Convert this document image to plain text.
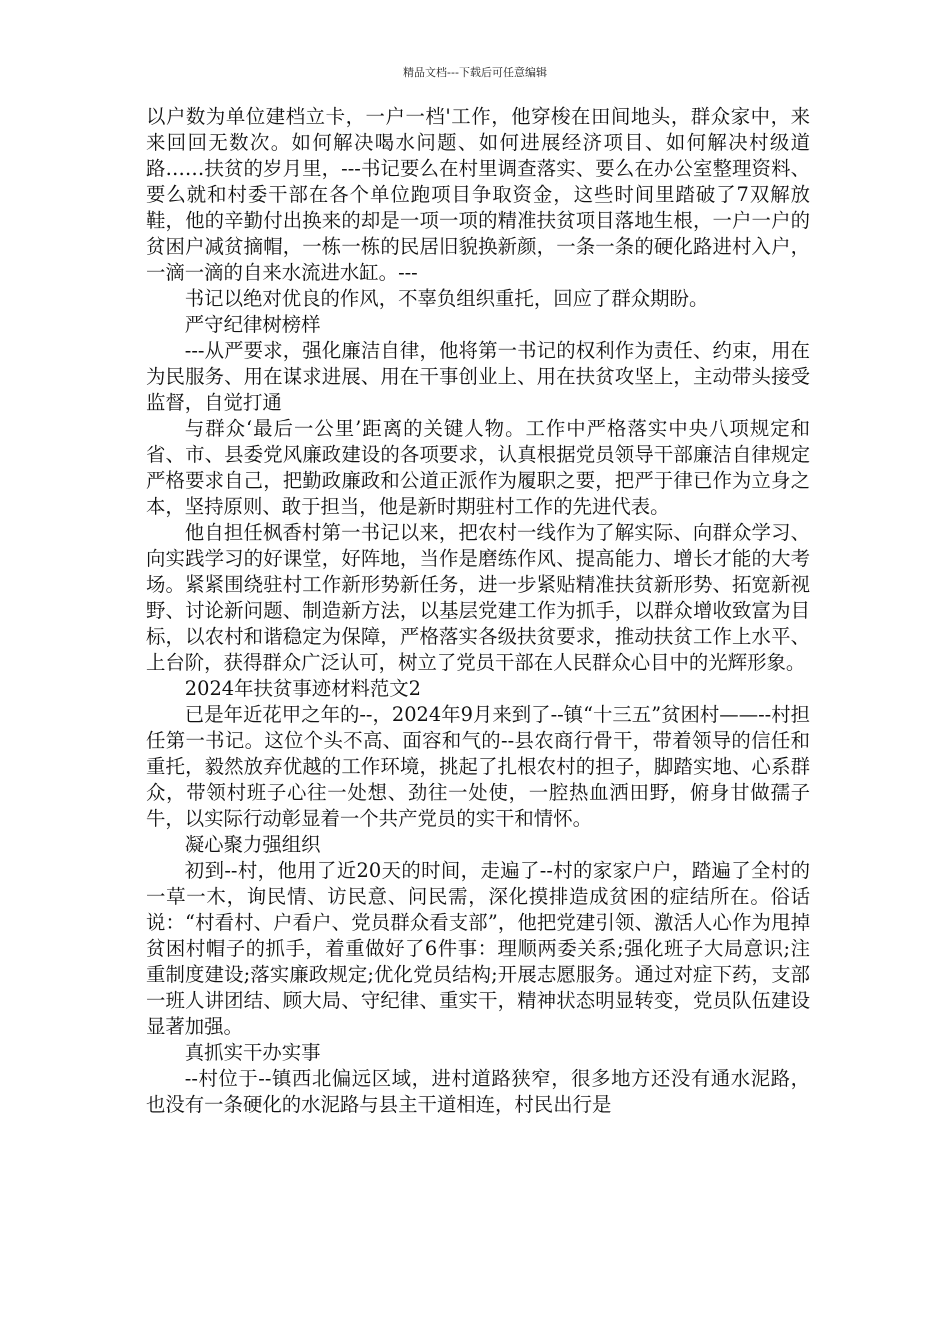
精品文档---下载后可任意编辑

以户数为单位建档立卡，一户一档'工作，他穿梭在田间地头，群众家中，来来回回无数次。如何解决喝水问题、如何进展经济项目、如何解决村级道路……扶贫的岁月里，---书记要么在村里调查落实、要么在办公室整理资料、要么就和村委干部在各个单位跑项目争取资金，这些时间里踏破了7双解放鞋，他的辛勤付出换来的却是一项一项的精准扶贫项目落地生根，一户一户的贫困户减贫摘帽，一栋一栋的民居旧貌换新颜，一条一条的硬化路进村入户，一滴一滴的自来水流进水缸。---

书记以绝对优良的作风，不辜负组织重托，回应了群众期盼。

严守纪律树榜样

---从严要求，强化廉洁自律，他将第一书记的权利作为责任、约束，用在为民服务、用在谋求进展、用在干事创业上、用在扶贫攻坚上，主动带头接受监督，自觉打通

与群众‘最后一公里’距离的关键人物。工作中严格落实中央八项规定和省、市、县委党风廉政建设的各项要求，认真根据党员领导干部廉洁自律规定严格要求自己，把勤政廉政和公道正派作为履职之要，把严于律已作为立身之本，坚持原则、敢于担当，他是新时期驻村工作的先进代表。

他自担任枫香村第一书记以来，把农村一线作为了解实际、向群众学习、向实践学习的好课堂，好阵地，当作是磨练作风、提高能力、增长才能的大考场。紧紧围绕驻村工作新形势新任务，进一步紧贴精准扶贫新形势、拓宽新视野、讨论新问题、制造新方法，以基层党建工作为抓手，以群众增收致富为目标，以农村和谐稳定为保障，严格落实各级扶贫要求，推动扶贫工作上水平、上台阶，获得群众广泛认可，树立了党员干部在人民群众心目中的光辉形象。

2024年扶贫事迹材料范文2

已是年近花甲之年的--，2024年9月来到了--镇“十三五”贫困村——--村担任第一书记。这位个头不高、面容和气的--县农商行骨干，带着领导的信任和重托，毅然放弃优越的工作环境，挑起了扎根农村的担子，脚踏实地、心系群众，带领村班子心往一处想、劲往一处使，一腔热血洒田野，俯身甘做孺子牛，以实际行动彰显着一个共产党员的实干和情怀。

凝心聚力强组织

初到--村，他用了近20天的时间，走遍了--村的家家户户，踏遍了全村的一草一木，询民情、访民意、问民需，深化摸排造成贫困的症结所在。俗话说：“村看村、户看户、党员群众看支部”，他把党建引领、激活人心作为甩掉贫困村帽子的抓手，着重做好了6件事：理顺两委关系;强化班子大局意识;注重制度建设;落实廉政规定;优化党员结构;开展志愿服务。通过对症下药，支部一班人讲团结、顾大局、守纪律、重实干，精神状态明显转变，党员队伍建设显著加强。

真抓实干办实事

--村位于--镇西北偏远区域，进村道路狭窄，很多地方还没有通水泥路，也没有一条硬化的水泥路与县主干道相连，村民出行是
